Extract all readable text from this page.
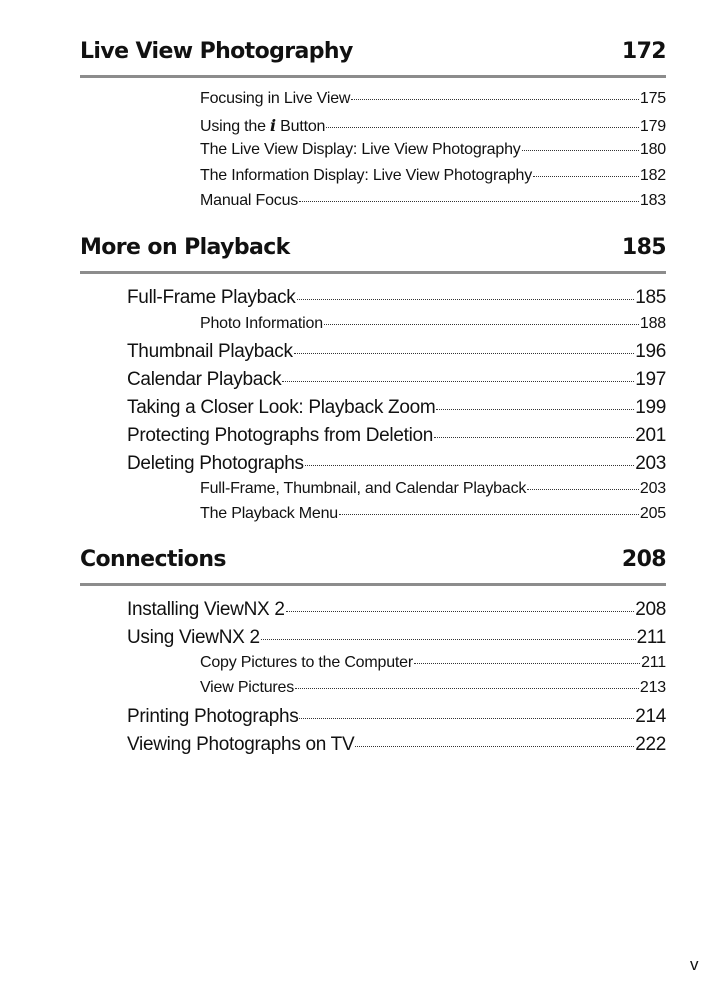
Live View Photography	172
Focusing in Live View	175
Using the 𝒊 Button	179
The Live View Display: Live View Photography	180
The Information Display: Live View Photography	182
Manual Focus	183
More on Playback	185
Full-Frame Playback	185
Photo Information	188
Thumbnail Playback	196
Calendar Playback	197
Taking a Closer Look: Playback Zoom	199
Protecting Photographs from Deletion	201
Deleting Photographs	203
Full-Frame, Thumbnail, and Calendar Playback	203
The Playback Menu	205
Connections	208
Installing ViewNX 2	208
Using ViewNX 2	211
Copy Pictures to the Computer	211
View Pictures	213
Printing Photographs	214
Viewing Photographs on TV	222
v
